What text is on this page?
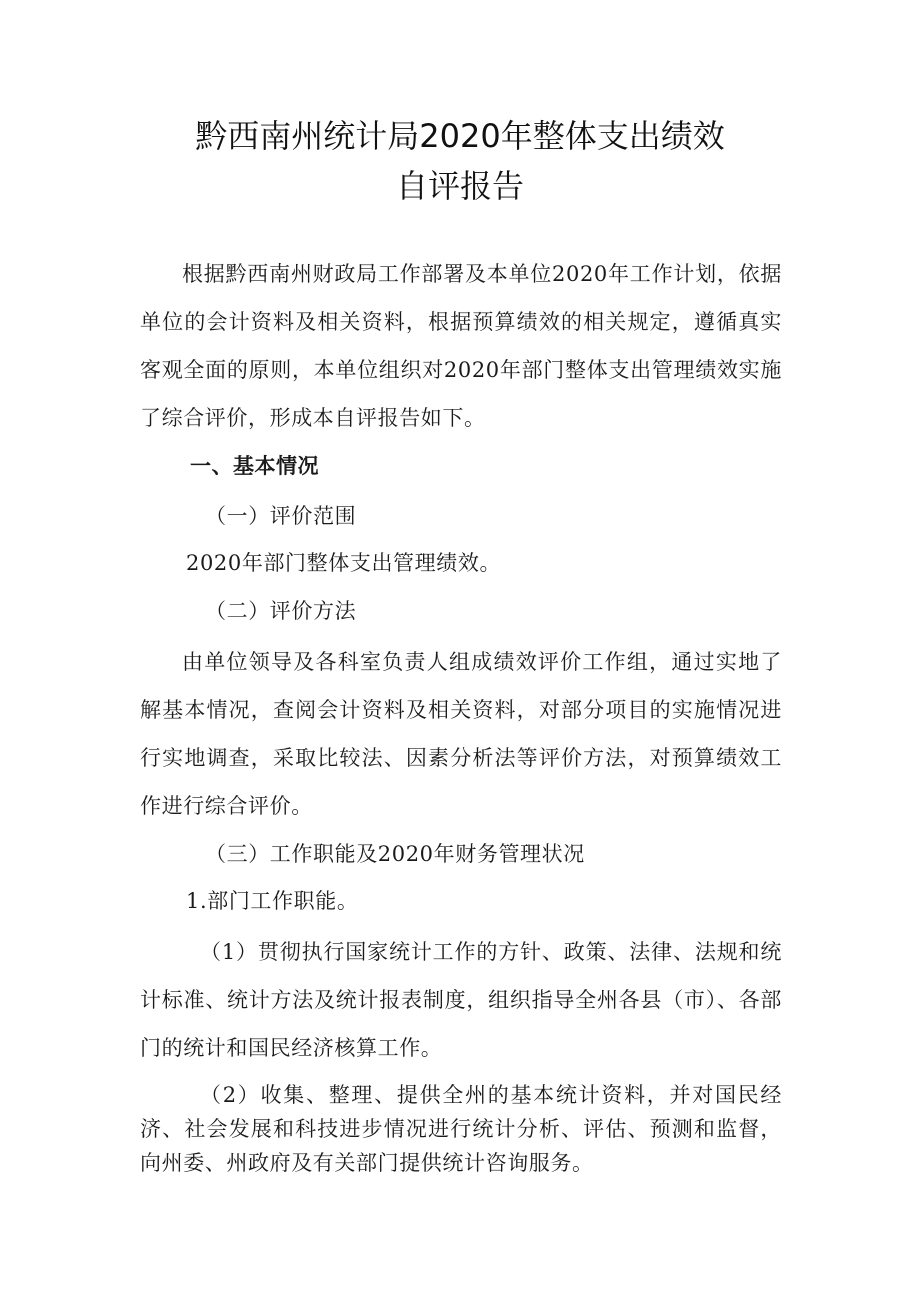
黔西南州统计局2020年整体支出绩效
自评报告

根据黔西南州财政局工作部署及本单位2020年工作计划，依据单位的会计资料及相关资料，根据预算绩效的相关规定，遵循真实客观全面的原则，本单位组织对2020年部门整体支出管理绩效实施了综合评价，形成本自评报告如下。

一、基本情况

（一）评价范围

2020年部门整体支出管理绩效。

（二）评价方法

由单位领导及各科室负责人组成绩效评价工作组，通过实地了解基本情况，查阅会计资料及相关资料，对部分项目的实施情况进行实地调查，采取比较法、因素分析法等评价方法，对预算绩效工作进行综合评价。

（三）工作职能及2020年财务管理状况

1.部门工作职能。

（1）贯彻执行国家统计工作的方针、政策、法律、法规和统计标准、统计方法及统计报表制度，组织指导全州各县（市）、各部门的统计和国民经济核算工作。

（2）收集、整理、提供全州的基本统计资料，并对国民经济、社会发展和科技进步情况进行统计分析、评估、预测和监督，向州委、州政府及有关部门提供统计咨询服务。
